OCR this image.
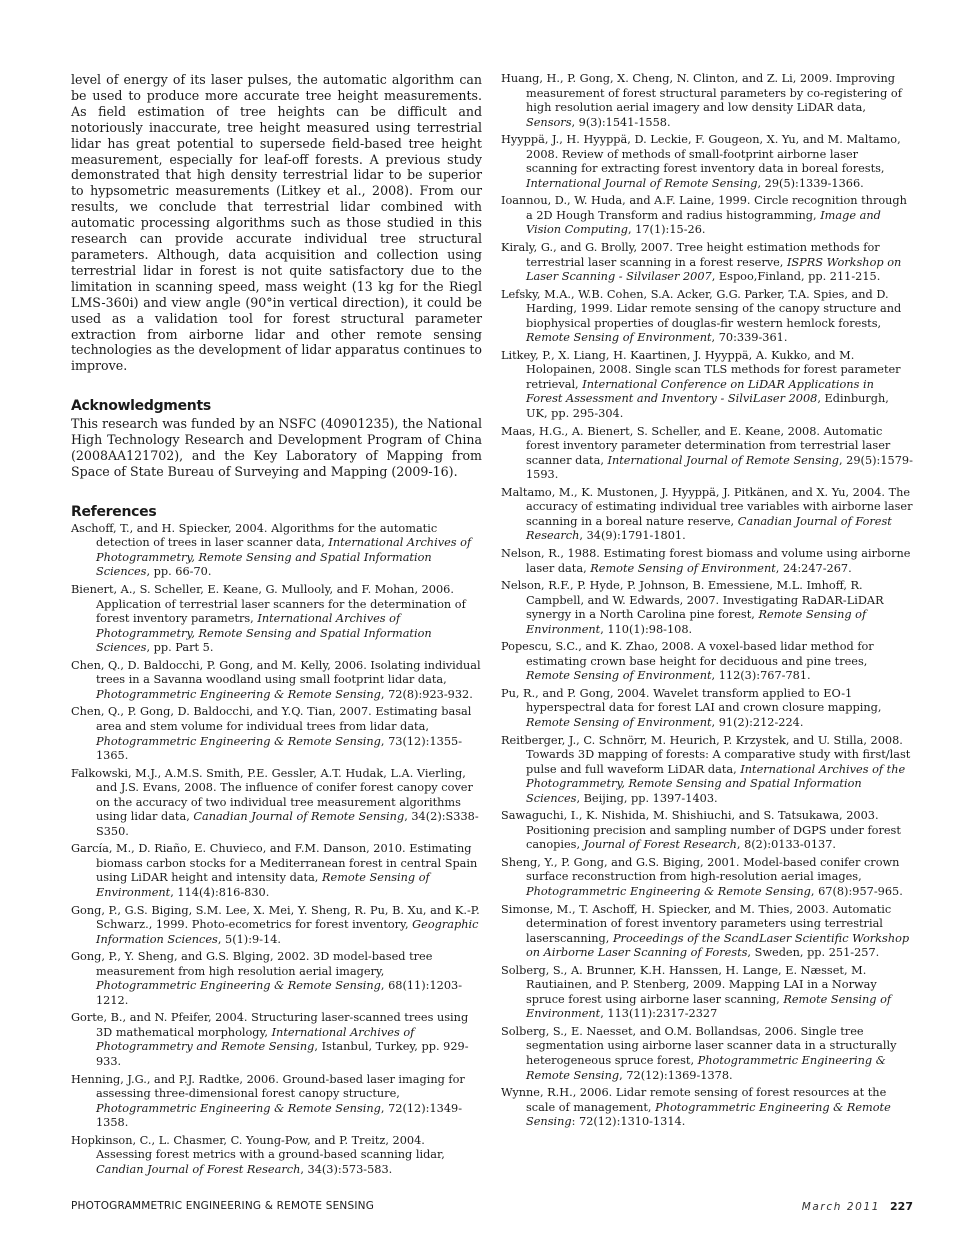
level of energy of its laser pulses, the automatic algorithm can be used to produce more accurate tree height measurements. As field estimation of tree heights can be difficult and notoriously inaccurate, tree height measured using terrestrial lidar has great potential to supersede field-based tree height measurement, especially for leaf-off forests. A previous study demonstrated that high density terrestrial lidar to be superior to hypsometric measurements (Litkey et al., 2008). From our results, we conclude that terrestrial lidar combined with automatic processing algorithms such as those studied in this research can provide accurate individual tree structural parameters. Although, data acquisition and collection using terrestrial lidar in forest is not quite satisfactory due to the limitation in scanning speed, mass weight (13 kg for the Riegl LMS-360i) and view angle (90°in vertical direction), it could be used as a validation tool for forest structural parameter extraction from airborne lidar and other remote sensing technologies as the development of lidar apparatus continues to improve.

Acknowledgments

This research was funded by an NSFC (40901235), the National High Technology Research and Development Program of China (2008AA121702), and the Key Laboratory of Mapping from Space of State Bureau of Surveying and Mapping (2009-16).

References
Aschoff, T., and H. Spiecker, 2004. Algorithms for the automatic detection of trees in laser scanner data, International Archives of Photogrammetry, Remote Sensing and Spatial Information Sciences, pp. 66-70.
Bienert, A., S. Scheller, E. Keane, G. Mullooly, and F. Mohan, 2006. Application of terrestrial laser scanners for the determination of forest inventory parametrs, International Archives of Photogrammetry, Remote Sensing and Spatial Information Sciences, pp. Part 5.
Chen, Q., D. Baldocchi, P. Gong, and M. Kelly, 2006. Isolating individual trees in a Savanna woodland using small footprint lidar data, Photogrammetric Engineering & Remote Sensing, 72(8):923-932.
Chen, Q., P. Gong, D. Baldocchi, and Y.Q. Tian, 2007. Estimating basal area and stem volume for individual trees from lidar data, Photogrammetric Engineering & Remote Sensing, 73(12):1355-1365.
Falkowski, M.J., A.M.S. Smith, P.E. Gessler, A.T. Hudak, L.A. Vierling, and J.S. Evans, 2008. The influence of conifer forest canopy cover on the accuracy of two individual tree measurement algorithms using lidar data, Canadian Journal of Remote Sensing, 34(2):S338-S350.
García, M., D. Riaño, E. Chuvieco, and F.M. Danson, 2010. Estimating biomass carbon stocks for a Mediterranean forest in central Spain using LiDAR height and intensity data, Remote Sensing of Environment, 114(4):816-830.
Gong, P., G.S. Biging, S.M. Lee, X. Mei, Y. Sheng, R. Pu, B. Xu, and K.-P. Schwarz., 1999. Photo-ecometrics for forest inventory, Geographic Information Sciences, 5(1):9-14.
Gong, P., Y. Sheng, and G.S. Blging, 2002. 3D model-based tree measurement from high resolution aerial imagery, Photogrammetric Engineering & Remote Sensing, 68(11):1203-1212.
Gorte, B., and N. Pfeifer, 2004. Structuring laser-scanned trees using 3D mathematical morphology, International Archives of Photogrammetry and Remote Sensing, Istanbul, Turkey, pp. 929-933.
Henning, J.G., and P.J. Radtke, 2006. Ground-based laser imaging for assessing three-dimensional forest canopy structure, Photogrammetric Engineering & Remote Sensing, 72(12):1349-1358.
Hopkinson, C., L. Chasmer, C. Young-Pow, and P. Treitz, 2004. Assessing forest metrics with a ground-based scanning lidar, Candian Journal of Forest Research, 34(3):573-583.
Huang, H., P. Gong, X. Cheng, N. Clinton, and Z. Li, 2009. Improving measurement of forest structural parameters by co-registering of high resolution aerial imagery and low density LiDAR data, Sensors, 9(3):1541-1558.
Hyyppä, J., H. Hyyppä, D. Leckie, F. Gougeon, X. Yu, and M. Maltamo, 2008. Review of methods of small-footprint airborne laser scanning for extracting forest inventory data in boreal forests, International Journal of Remote Sensing, 29(5):1339-1366.
Ioannou, D., W. Huda, and A.F. Laine, 1999. Circle recognition through a 2D Hough Transform and radius histogramming, Image and Vision Computing, 17(1):15-26.
Kiraly, G., and G. Brolly, 2007. Tree height estimation methods for terrestrial laser scanning in a forest reserve, ISPRS Workshop on Laser Scanning - Silvilaser 2007, Espoo,Finland, pp. 211-215.
Lefsky, M.A., W.B. Cohen, S.A. Acker, G.G. Parker, T.A. Spies, and D. Harding, 1999. Lidar remote sensing of the canopy structure and biophysical properties of douglas-fir western hemlock forests, Remote Sensing of Environment, 70:339-361.
Litkey, P., X. Liang, H. Kaartinen, J. Hyyppä, A. Kukko, and M. Holopainen, 2008. Single scan TLS methods for forest parameter retrieval, International Conference on LiDAR Applications in Forest Assessment and Inventory - SilviLaser 2008, Edinburgh, UK, pp. 295-304.
Maas, H.G., A. Bienert, S. Scheller, and E. Keane, 2008. Automatic forest inventory parameter determination from terrestrial laser scanner data, International Journal of Remote Sensing, 29(5):1579-1593.
Maltamo, M., K. Mustonen, J. Hyyppä, J. Pitkänen, and X. Yu, 2004. The accuracy of estimating individual tree variables with airborne laser scanning in a boreal nature reserve, Canadian Journal of Forest Research, 34(9):1791-1801.
Nelson, R., 1988. Estimating forest biomass and volume using airborne laser data, Remote Sensing of Environment, 24:247-267.
Nelson, R.F., P. Hyde, P. Johnson, B. Emessiene, M.L. Imhoff, R. Campbell, and W. Edwards, 2007. Investigating RaDAR-LiDAR synergy in a North Carolina pine forest, Remote Sensing of Environment, 110(1):98-108.
Popescu, S.C., and K. Zhao, 2008. A voxel-based lidar method for estimating crown base height for deciduous and pine trees, Remote Sensing of Environment, 112(3):767-781.
Pu, R., and P. Gong, 2004. Wavelet transform applied to EO-1 hyperspectral data for forest LAI and crown closure mapping, Remote Sensing of Environment, 91(2):212-224.
Reitberger, J., C. Schnörr, M. Heurich, P. Krzystek, and U. Stilla, 2008. Towards 3D mapping of forests: A comparative study with first/last pulse and full waveform LiDAR data, International Archives of the Photogrammetry, Remote Sensing and Spatial Information Sciences, Beijing, pp. 1397-1403.
Sawaguchi, I., K. Nishida, M. Shishiuchi, and S. Tatsukawa, 2003. Positioning precision and sampling number of DGPS under forest canopies, Journal of Forest Research, 8(2):0133-0137.
Sheng, Y., P. Gong, and G.S. Biging, 2001. Model-based conifer crown surface reconstruction from high-resolution aerial images, Photogrammetric Engineering & Remote Sensing, 67(8):957-965.
Simonse, M., T. Aschoff, H. Spiecker, and M. Thies, 2003. Automatic determination of forest inventory parameters using terrestrial laserscanning, Proceedings of the ScandLaser Scientific Workshop on Airborne Laser Scanning of Forests, Sweden, pp. 251-257.
Solberg, S., A. Brunner, K.H. Hanssen, H. Lange, E. Næsset, M. Rautiainen, and P. Stenberg, 2009. Mapping LAI in a Norway spruce forest using airborne laser scanning, Remote Sensing of Environment, 113(11):2317-2327
Solberg, S., E. Naesset, and O.M. Bollandsas, 2006. Single tree segmentation using airborne laser scanner data in a structurally heterogeneous spruce forest, Photogrammetric Engineering & Remote Sensing, 72(12):1369-1378.
Wynne, R.H., 2006. Lidar remote sensing of forest resources at the scale of management, Photogrammetric Engineering & Remote Sensing: 72(12):1310-1314.
PHOTOGRAMMETRIC ENGINEERING & REMOTE SENSING	March 2011 227
